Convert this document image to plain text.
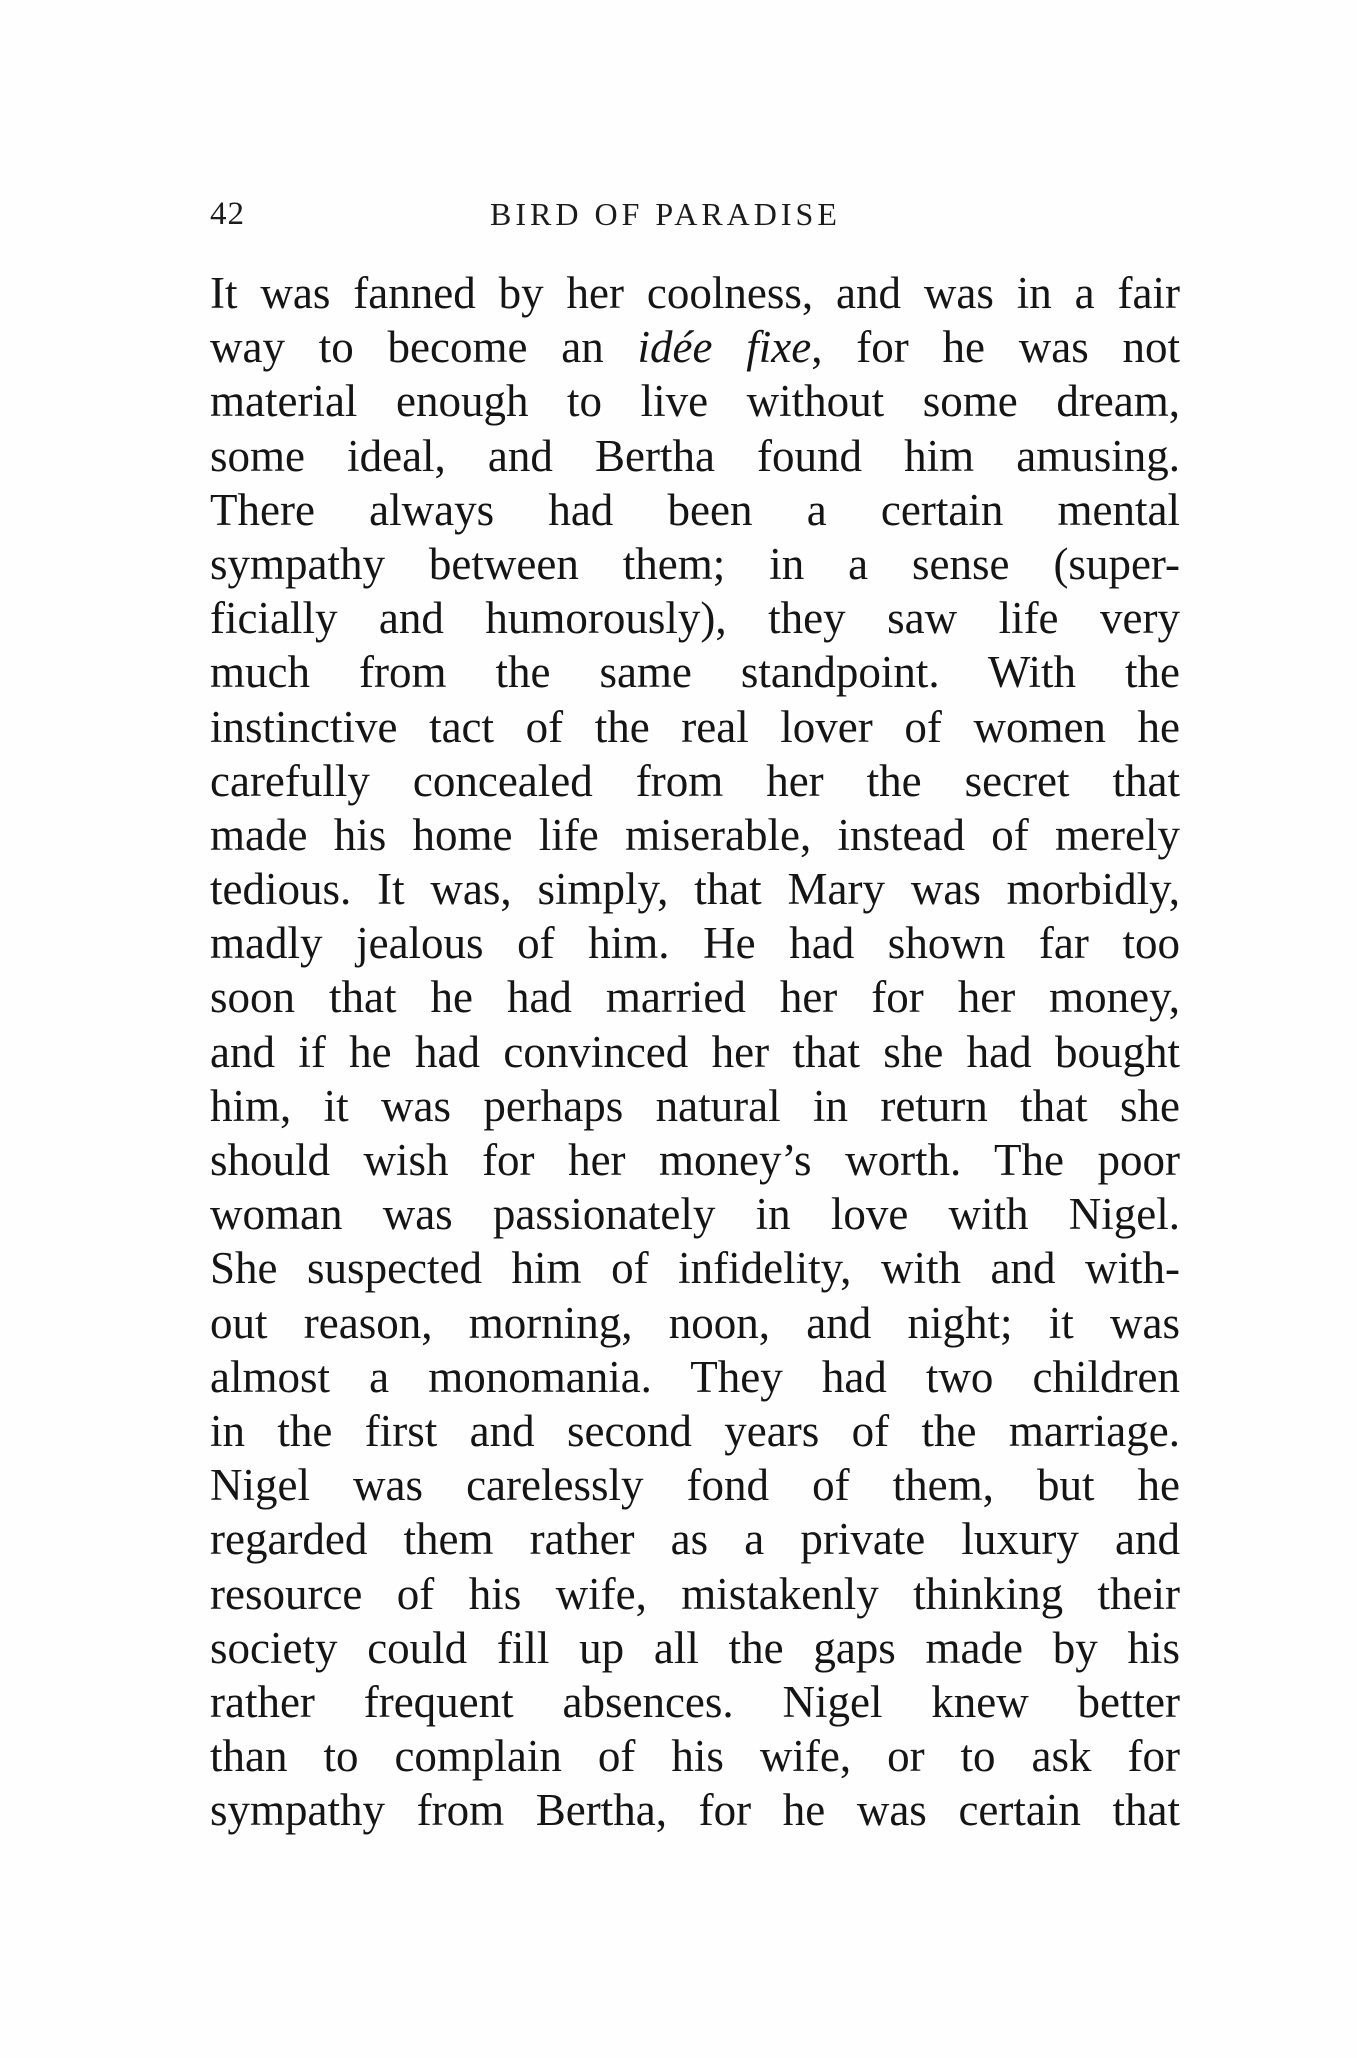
42	BIRD OF PARADISE
It was fanned by her coolness, and was in a fair
way to become an idée fixe, for he was not
material enough to live without some dream,
some ideal, and Bertha found him amusing.
There always had been a certain mental
sympathy between them; in a sense (super-
ficially and humorously), they saw life very
much from the same standpoint. With the
instinctive tact of the real lover of women he
carefully concealed from her the secret that
made his home life miserable, instead of merely
tedious. It was, simply, that Mary was morbidly,
madly jealous of him. He had shown far too
soon that he had married her for her money,
and if he had convinced her that she had bought
him, it was perhaps natural in return that she
should wish for her money’s worth. The poor
woman was passionately in love with Nigel.
She suspected him of infidelity, with and with-
out reason, morning, noon, and night; it was
almost a monomania. They had two children
in the first and second years of the marriage.
Nigel was carelessly fond of them, but he
regarded them rather as a private luxury and
resource of his wife, mistakenly thinking their
society could fill up all the gaps made by his
rather frequent absences. Nigel knew better
than to complain of his wife, or to ask for
sympathy from Bertha, for he was certain that
